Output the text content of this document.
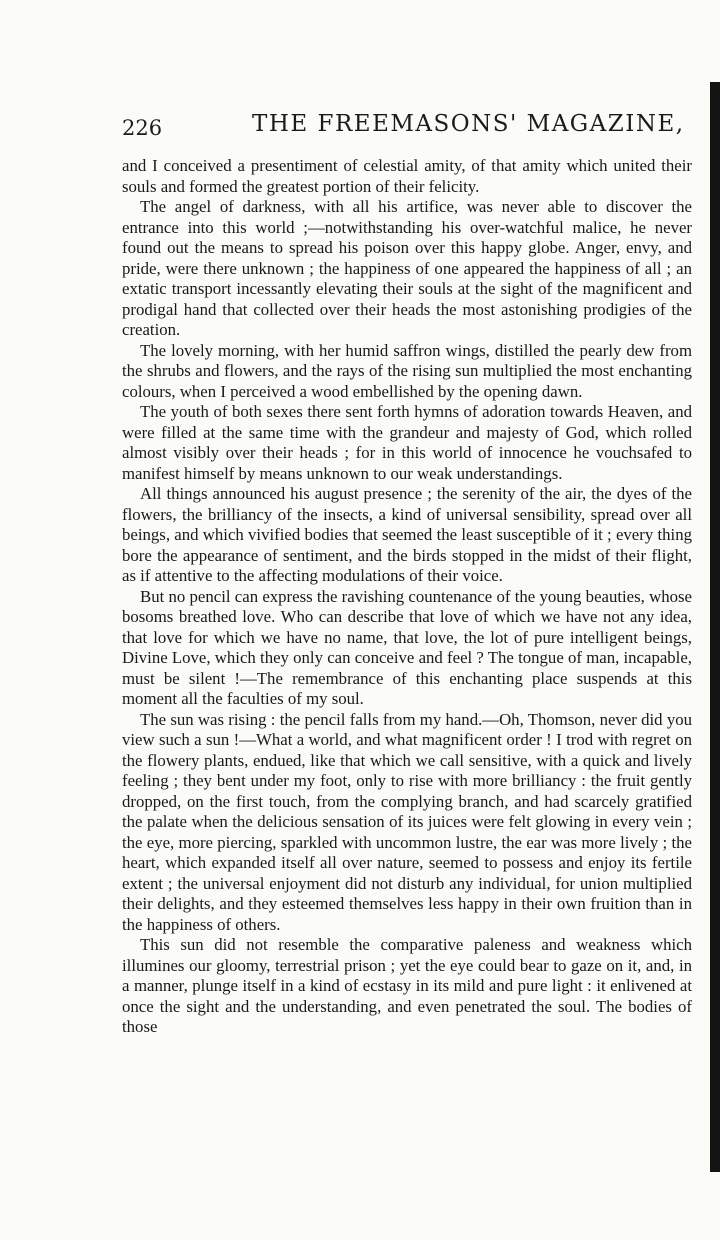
226	THE FREEMASONS' MAGAZINE,

and I conceived a presentiment of celestial amity, of that amity which united their souls and formed the greatest portion of their felicity.

The angel of darkness, with all his artifice, was never able to discover the entrance into this world ;—notwithstanding his over-watchful malice, he never found out the means to spread his poison over this happy globe. Anger, envy, and pride, were there unknown ; the happiness of one appeared the happiness of all ; an extatic transport incessantly elevating their souls at the sight of the magnificent and prodigal hand that collected over their heads the most astonishing prodigies of the creation.

The lovely morning, with her humid saffron wings, distilled the pearly dew from the shrubs and flowers, and the rays of the rising sun multiplied the most enchanting colours, when I perceived a wood embellished by the opening dawn.

The youth of both sexes there sent forth hymns of adoration towards Heaven, and were filled at the same time with the grandeur and majesty of God, which rolled almost visibly over their heads ; for in this world of innocence he vouchsafed to manifest himself by means unknown to our weak understandings.

All things announced his august presence ; the serenity of the air, the dyes of the flowers, the brilliancy of the insects, a kind of universal sensibility, spread over all beings, and which vivified bodies that seemed the least susceptible of it ; every thing bore the appearance of sentiment, and the birds stopped in the midst of their flight, as if attentive to the affecting modulations of their voice.

But no pencil can express the ravishing countenance of the young beauties, whose bosoms breathed love. Who can describe that love of which we have not any idea, that love for which we have no name, that love, the lot of pure intelligent beings, Divine Love, which they only can conceive and feel ? The tongue of man, incapable, must be silent !—The remembrance of this enchanting place suspends at this moment all the faculties of my soul.

The sun was rising : the pencil falls from my hand.—Oh, Thomson, never did you view such a sun !—What a world, and what magnificent order ! I trod with regret on the flowery plants, endued, like that which we call sensitive, with a quick and lively feeling ; they bent under my foot, only to rise with more brilliancy : the fruit gently dropped, on the first touch, from the complying branch, and had scarcely gratified the palate when the delicious sensation of its juices were felt glowing in every vein ; the eye, more piercing, sparkled with uncommon lustre, the ear was more lively ; the heart, which expanded itself all over nature, seemed to possess and enjoy its fertile extent ; the universal enjoyment did not disturb any individual, for union multiplied their delights, and they esteemed themselves less happy in their own fruition than in the happiness of others.

This sun did not resemble the comparative paleness and weakness which illumines our gloomy, terrestrial prison ; yet the eye could bear to gaze on it, and, in a manner, plunge itself in a kind of ecstasy in its mild and pure light : it enlivened at once the sight and the understanding, and even penetrated the soul. The bodies of those
